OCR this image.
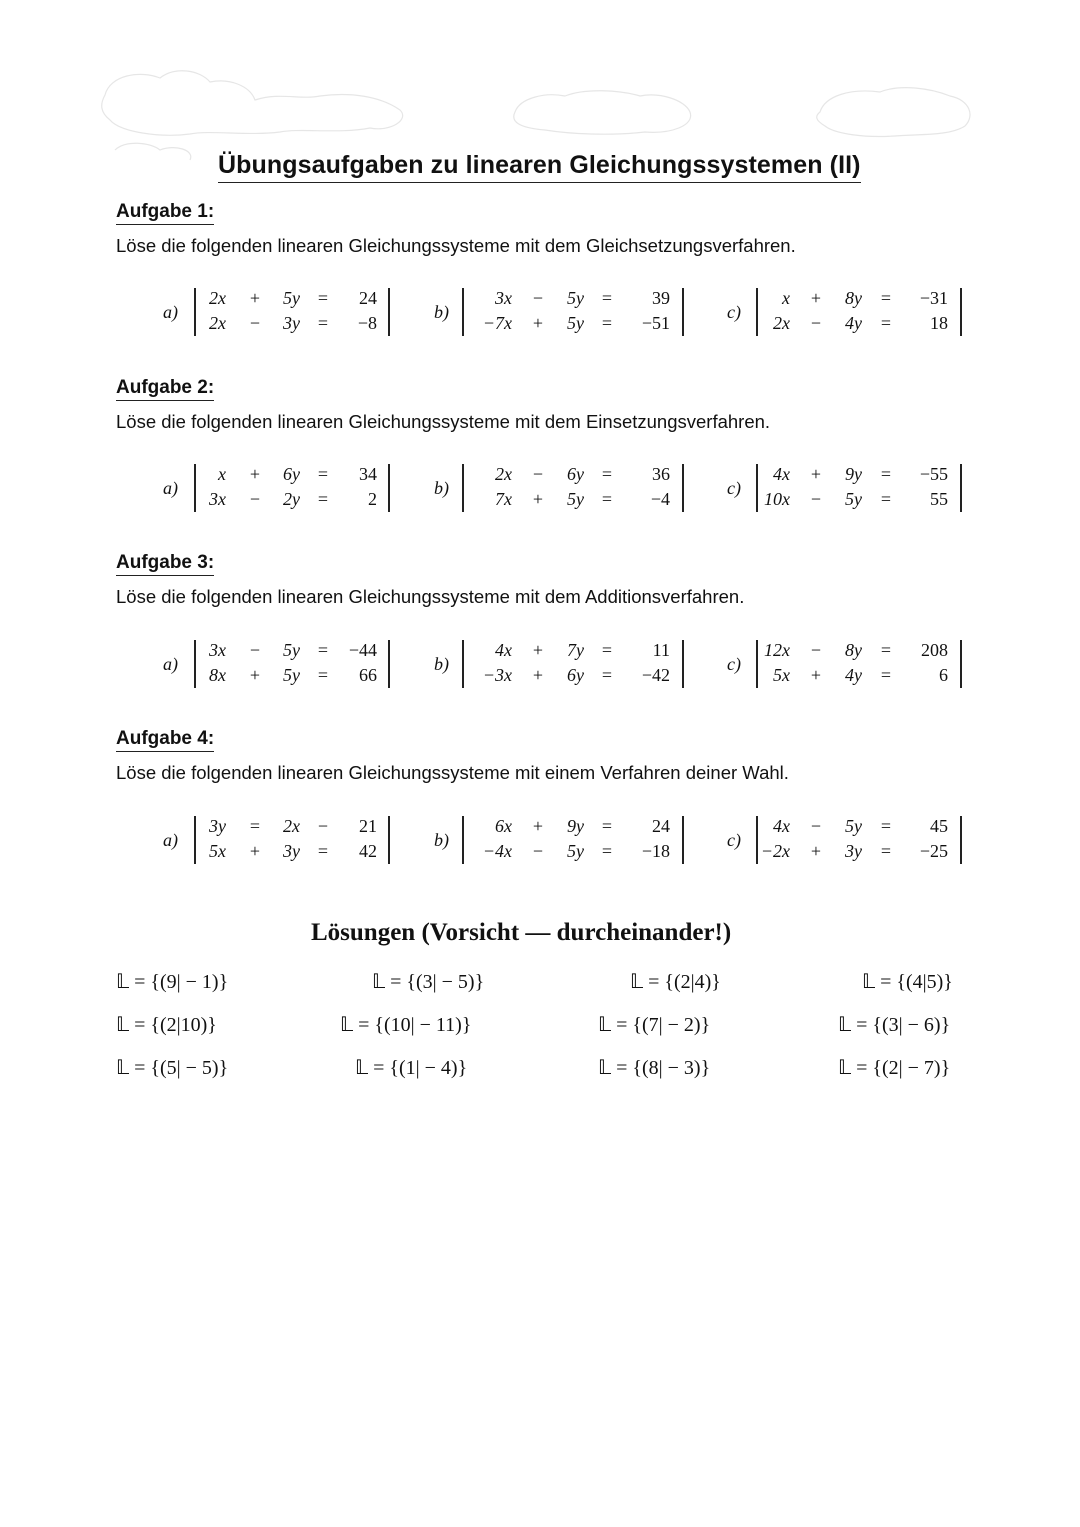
Übungsaufgaben zu linearen Gleichungssystemen (II)
Aufgabe 1:
Löse die folgenden linearen Gleichungssysteme mit dem Gleichsetzungsverfahren.
Aufgabe 2:
Löse die folgenden linearen Gleichungssysteme mit dem Einsetzungsverfahren.
Aufgabe 3:
Löse die folgenden linearen Gleichungssysteme mit dem Additionsverfahren.
Aufgabe 4:
Löse die folgenden linearen Gleichungssysteme mit einem Verfahren deiner Wahl.
a)
2x +	5y =	24
2x −	3y =	−8
b)
3x −	5y =	39
−7x +	5y =	−51
c)
x +	8y =	−31
2x −	4y =	18
a)
x +	6y =	34
3x −	2y =	2
b)
2x −	6y =	36
7x +	5y =	−4
c)
4x +	9y =	−55
10x −	5y =	55
a)
3x −	5y =	−44
8x +	5y =	66
b)
4x +	7y =	11
−3x +	6y =	−42
c)
12x −	8y =	208
5x +	4y =	6
a)
3y =	2x −	21
5x +	3y =	42
b)
6x +	9y =	24
−4x −	5y =	−18
c)
4x −	5y =	45
−2x +	3y =	−25
Lösungen (Vorsicht — durcheinander!)
𝕃 = {(9| − 1)}	𝕃 = {(3| − 5)}	𝕃 = {(2|4)}	𝕃 = {(4|5)}
𝕃 = {(2|10)}	𝕃 = {(10| − 11)}	𝕃 = {(7| − 2)}	𝕃 = {(3| − 6)}
𝕃 = {(5| − 5)}	𝕃 = {(1| − 4)}	𝕃 = {(8| − 3)}	𝕃 = {(2| − 7)}
